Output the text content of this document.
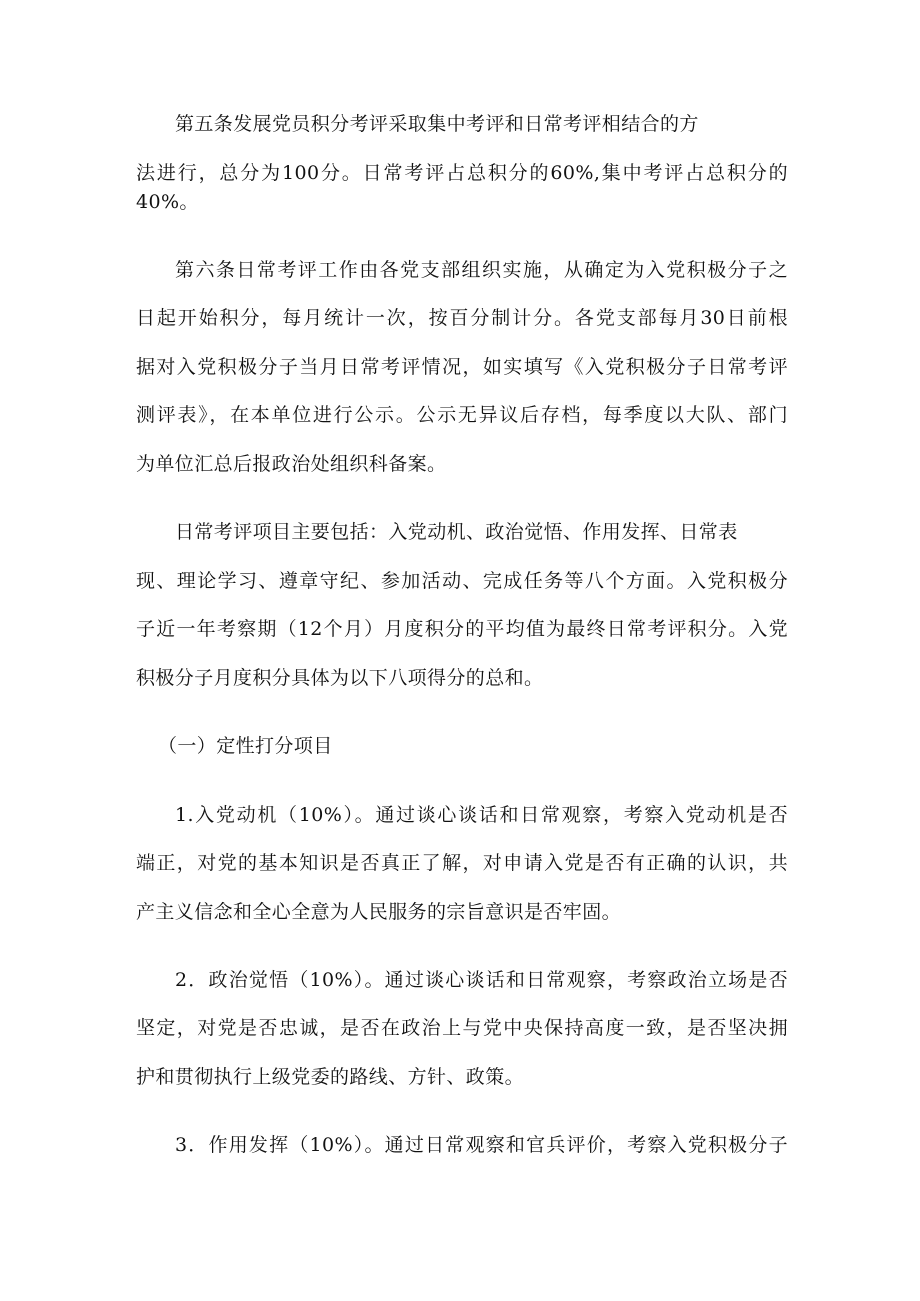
第五条发展党员积分考评采取集中考评和日常考评相结合的方
法进行，总分为100分。日常考评占总积分的60%,集中考评占总积分的
40%。
第六条日常考评工作由各党支部组织实施，从确定为入党积极分子之
日起开始积分，每月统计一次，按百分制计分。各党支部每月30日前根
据对入党积极分子当月日常考评情况，如实填写《入党积极分子日常考评
测评表》，在本单位进行公示。公示无异议后存档，每季度以大队、部门
为单位汇总后报政治处组织科备案。
日常考评项目主要包括：入党动机、政治觉悟、作用发挥、日常表
现、理论学习、遵章守纪、参加活动、完成任务等八个方面。入党积极分
子近一年考察期（12个月）月度积分的平均值为最终日常考评积分。入党
积极分子月度积分具体为以下八项得分的总和。
（一）定性打分项目
1.入党动机（10%）。通过谈心谈话和日常观察，考察入党动机是否
端正，对党的基本知识是否真正了解，对申请入党是否有正确的认识，共
产主义信念和全心全意为人民服务的宗旨意识是否牢固。
2．政治觉悟（10%）。通过谈心谈话和日常观察，考察政治立场是否
坚定，对党是否忠诚，是否在政治上与党中央保持高度一致，是否坚决拥
护和贯彻执行上级党委的路线、方针、政策。
3．作用发挥（10%）。通过日常观察和官兵评价，考察入党积极分子
